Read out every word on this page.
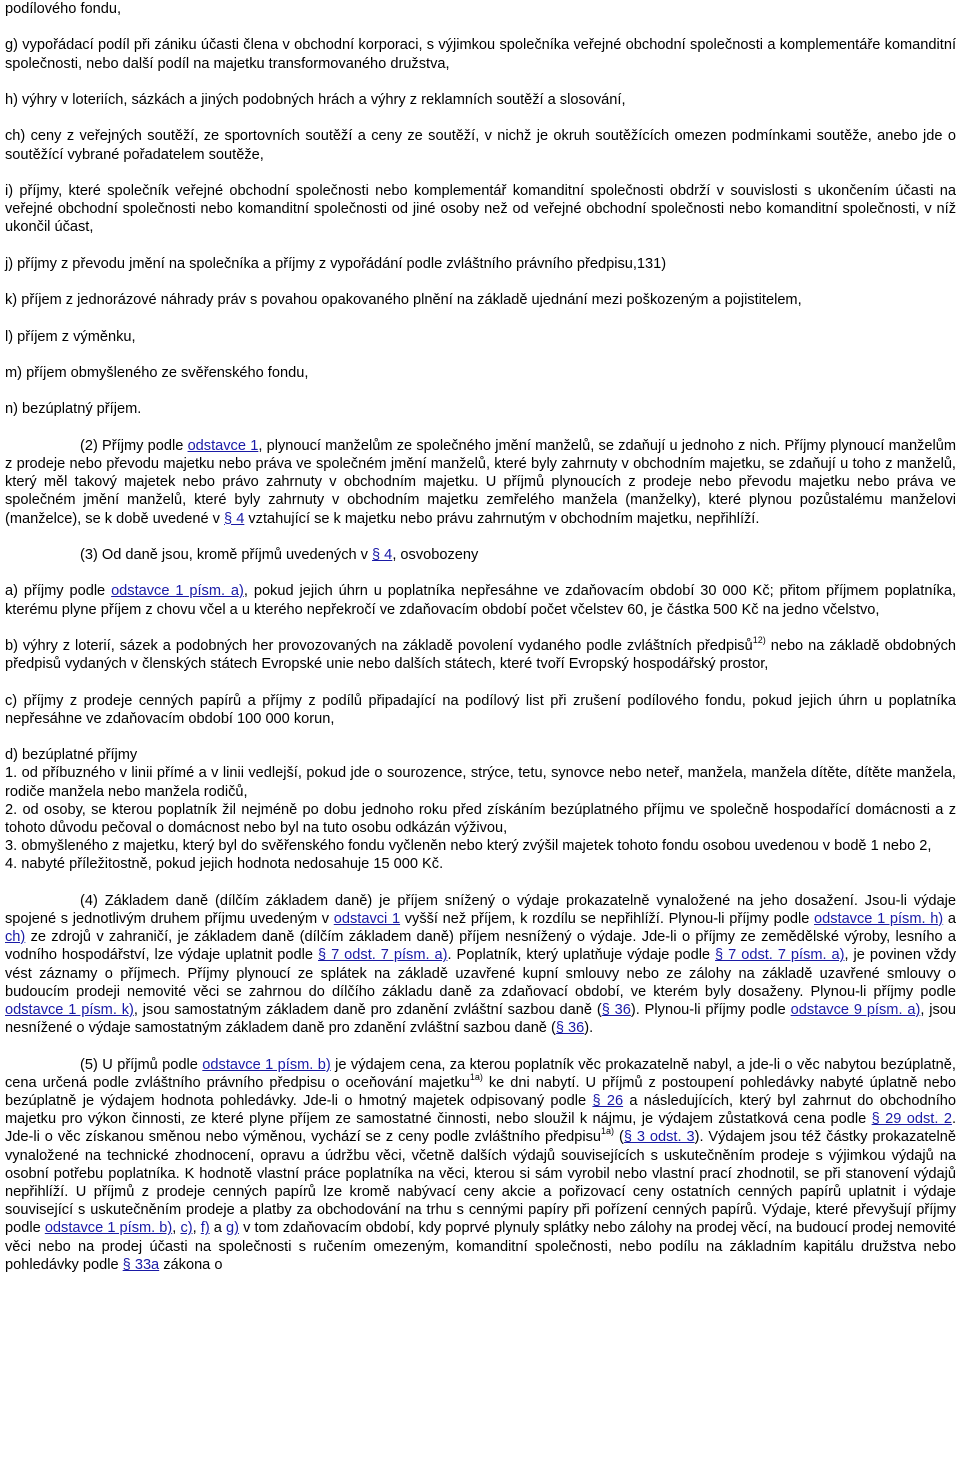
podílového fondu,

g) vypořádací podíl při zániku účasti člena v obchodní korporaci, s výjimkou společníka veřejné obchodní společnosti a komplementáře komanditní společnosti, nebo další podíl na majetku transformovaného družstva,

h) výhry v loteriích, sázkách a jiných podobných hrách a výhry z reklamních soutěží a slosování,

ch) ceny z veřejných soutěží, ze sportovních soutěží a ceny ze soutěží, v nichž je okruh soutěžících omezen podmínkami soutěže, anebo jde o soutěžící vybrané pořadatelem soutěže,

i) příjmy, které společník veřejné obchodní společnosti nebo komplementář komanditní společnosti obdrží v souvislosti s ukončením účasti na veřejné obchodní společnosti nebo komanditní společnosti od jiné osoby než od veřejné obchodní společnosti nebo komanditní společnosti, v níž ukončil účast,

j) příjmy z převodu jmění na společníka a příjmy z vypořádání podle zvláštního právního předpisu,131)

k) příjem z jednorázové náhrady práv s povahou opakovaného plnění na základě ujednání mezi poškozeným a pojistitelem,

l) příjem z výměnku,

m) příjem obmyšleného ze svěřenského fondu,

n) bezúplatný příjem.

(2) Příjmy podle odstavce 1, plynoucí manželům ze společného jmění manželů, se zdaňují u jednoho z nich. Příjmy plynoucí manželům z prodeje nebo převodu majetku nebo práva ve společném jmění manželů, které byly zahrnuty v obchodním majetku, se zdaňují u toho z manželů, který měl takový majetek nebo právo zahrnuty v obchodním majetku. U příjmů plynoucích z prodeje nebo převodu majetku nebo práva ve společném jmění manželů, které byly zahrnuty v obchodním majetku zemřelého manžela (manželky), které plynou pozůstalému manželovi (manželce), se k době uvedené v § 4 vztahující se k majetku nebo právu zahrnutým v obchodním majetku, nepřihlíží.

(3) Od daně jsou, kromě příjmů uvedených v § 4, osvobozeny

a) příjmy podle odstavce 1 písm. a), pokud jejich úhrn u poplatníka nepřesáhne ve zdaňovacím období 30 000 Kč; přitom příjmem poplatníka, kterému plyne příjem z chovu včel a u kterého nepřekročí ve zdaňovacím období počet včelstev 60, je částka 500 Kč na jedno včelstvo,

b) výhry z loterií, sázek a podobných her provozovaných na základě povolení vydaného podle zvláštních předpisů$^{12)}$ nebo na základě obdobných předpisů vydaných v členských státech Evropské unie nebo dalších státech, které tvoří Evropský hospodářský prostor,

c) příjmy z prodeje cenných papírů a příjmy z podílů připadající na podílový list při zrušení podílového fondu, pokud jejich úhrn u poplatníka nepřesáhne ve zdaňovacím období 100 000 korun,

d) bezúplatné příjmy

1. od příbuzného v linii přímé a v linii vedlejší, pokud jde o sourozence, strýce, tetu, synovce nebo neteř, manžela, manžela dítěte, dítěte manžela, rodiče manžela nebo manžela rodičů,

2. od osoby, se kterou poplatník žil nejméně po dobu jednoho roku před získáním bezúplatného příjmu ve společně hospodařící domácnosti a z tohoto důvodu pečoval o domácnost nebo byl na tuto osobu odkázán výživou,

3. obmyšleného z majetku, který byl do svěřenského fondu vyčleněn nebo který zvýšil majetek tohoto fondu osobou uvedenou v bodě 1 nebo 2,

4. nabyté příležitostně, pokud jejich hodnota nedosahuje 15 000 Kč.

(4) Základem daně (dílčím základem daně) je příjem snížený o výdaje prokazatelně vynaložené na jeho dosažení. Jsou-li výdaje spojené s jednotlivým druhem příjmu uvedeným v odstavci 1 vyšší než příjem, k rozdílu se nepřihlíží. Plynou-li příjmy podle odstavce 1 písm. h) a ch) ze zdrojů v zahraničí, je základem daně (dílčím základem daně) příjem nesnížený o výdaje. Jde-li o příjmy ze zemědělské výroby, lesního a vodního hospodářství, lze výdaje uplatnit podle § 7 odst. 7 písm. a). Poplatník, který uplatňuje výdaje podle § 7 odst. 7 písm. a), je povinen vždy vést záznamy o příjmech. Příjmy plynoucí ze splátek na základě uzavřené kupní smlouvy nebo ze zálohy na základě uzavřené smlouvy o budoucím prodeji nemovité věci se zahrnou do dílčího základu daně za zdaňovací období, ve kterém byly dosaženy. Plynou-li příjmy podle odstavce 1 písm. k), jsou samostatným základem daně pro zdanění zvláštní sazbou daně (§ 36). Plynou-li příjmy podle odstavce 9 písm. a), jsou nesnížené o výdaje samostatným základem daně pro zdanění zvláštní sazbou daně (§ 36).

(5) U příjmů podle odstavce 1 písm. b) je výdajem cena, za kterou poplatník věc prokazatelně nabyl, a jde-li o věc nabytou bezúplatně, cena určená podle zvláštního právního předpisu o oceňování majetku$^{1a)}$ ke dni nabytí. U příjmů z postoupení pohledávky nabyté úplatně nebo bezúplatně je výdajem hodnota pohledávky. Jde-li o hmotný majetek odpisovaný podle § 26 a následujících, který byl zahrnut do obchodního majetku pro výkon činnosti, ze které plyne příjem ze samostatné činnosti, nebo sloužil k nájmu, je výdajem zůstatková cena podle § 29 odst. 2. Jde-li o věc získanou směnou nebo výměnou, vychází se z ceny podle zvláštního předpisu$^{1a)}$ (§ 3 odst. 3). Výdajem jsou též částky prokazatelně vynaložené na technické zhodnocení, opravu a údržbu věci, včetně dalších výdajů souvisejících s uskutečněním prodeje s výjimkou výdajů na osobní potřebu poplatníka. K hodnotě vlastní práce poplatníka na věci, kterou si sám vyrobil nebo vlastní prací zhodnotil, se při stanovení výdajů nepřihlíží. U příjmů z prodeje cenných papírů lze kromě nabývací ceny akcie a pořizovací ceny ostatních cenných papírů uplatnit i výdaje související s uskutečněním prodeje a platby za obchodování na trhu s cennými papíry při pořízení cenných papírů. Výdaje, které převyšují příjmy podle odstavce 1 písm. b), c), f) a g) v tom zdaňovacím období, kdy poprvé plynuly splátky nebo zálohy na prodej věcí, na budoucí prodej nemovité věci nebo na prodej účasti na společnosti s ručením omezeným, komanditní společnosti, nebo podílu na základním kapitálu družstva nebo pohledávky podle § 33a zákona o
